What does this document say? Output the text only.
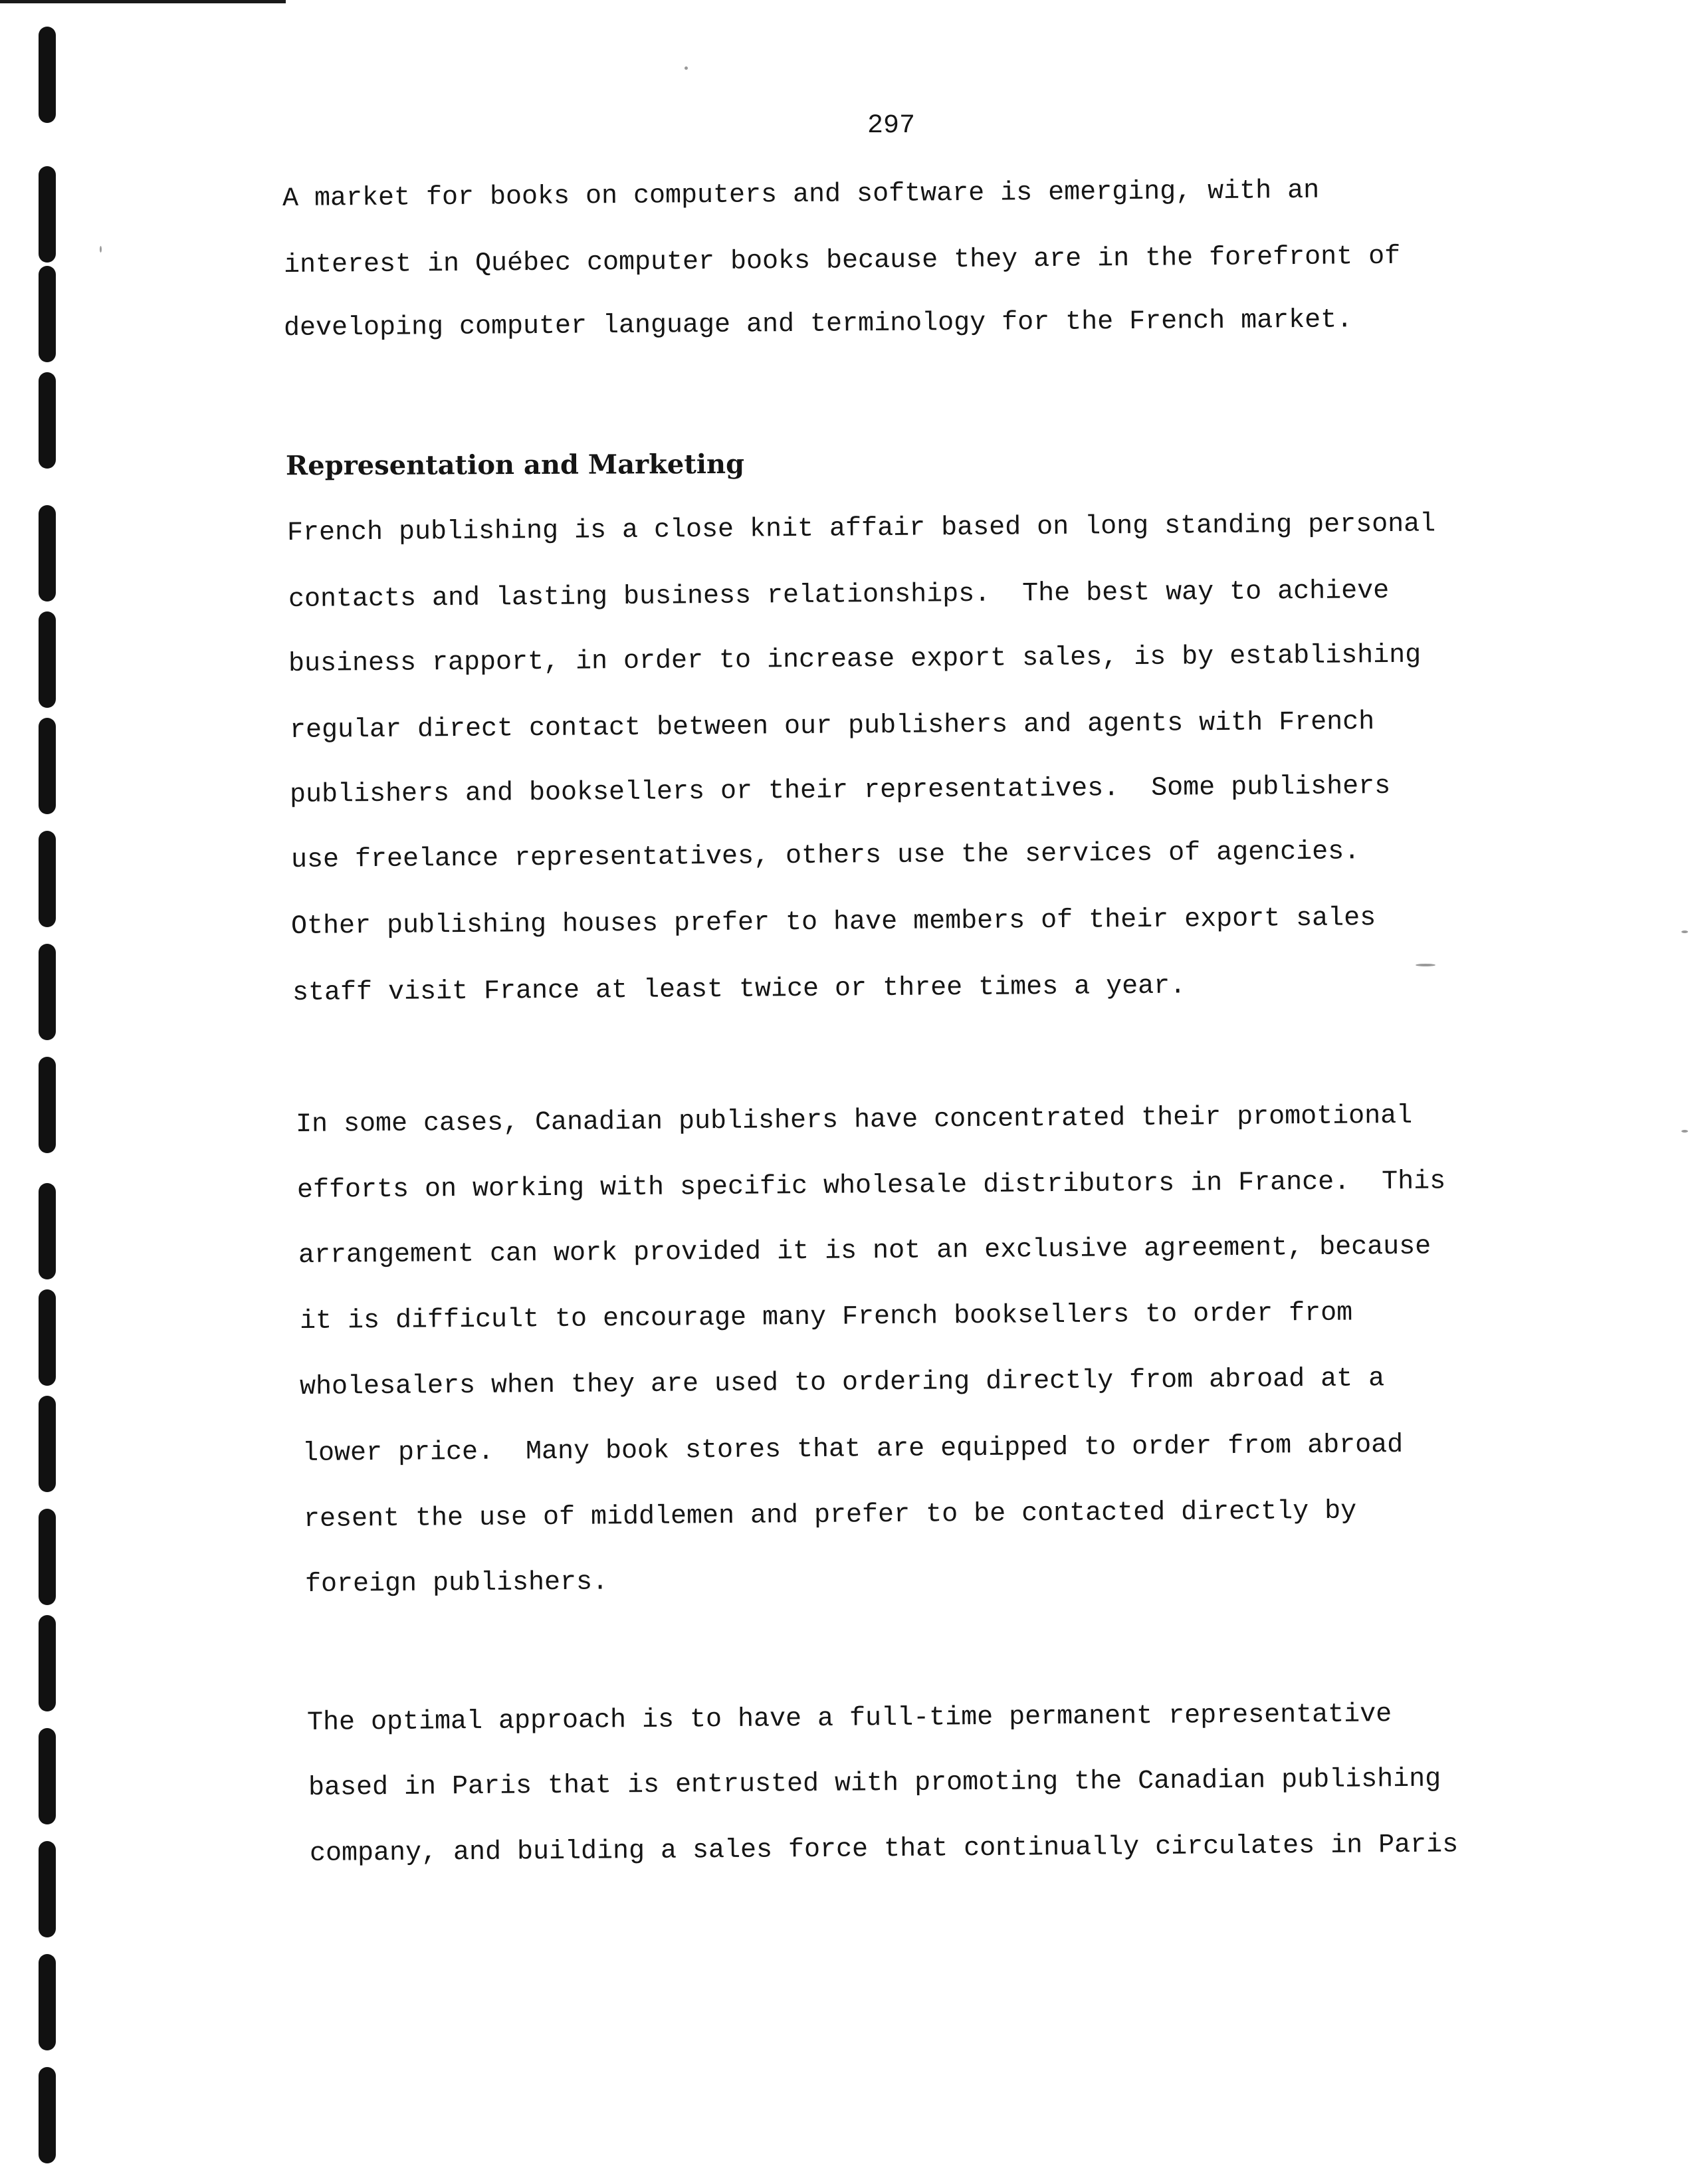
297
A market for books on computers and software is emerging, with an
interest in Québec computer books because they are in the forefront of
developing computer language and terminology for the French market.
Representation and Marketing
French publishing is a close knit affair based on long standing personal
contacts and lasting business relationships.  The best way to achieve
business rapport, in order to increase export sales, is by establishing
regular direct contact between our publishers and agents with French
publishers and booksellers or their representatives.  Some publishers
use freelance representatives, others use the services of agencies.
Other publishing houses prefer to have members of their export sales
staff visit France at least twice or three times a year.
In some cases, Canadian publishers have concentrated their promotional
efforts on working with specific wholesale distributors in France.  This
arrangement can work provided it is not an exclusive agreement, because
it is difficult to encourage many French booksellers to order from
wholesalers when they are used to ordering directly from abroad at a
lower price.  Many book stores that are equipped to order from abroad
resent the use of middlemen and prefer to be contacted directly by
foreign publishers.
The optimal approach is to have a full-time permanent representative
based in Paris that is entrusted with promoting the Canadian publishing
company, and building a sales force that continually circulates in Paris
